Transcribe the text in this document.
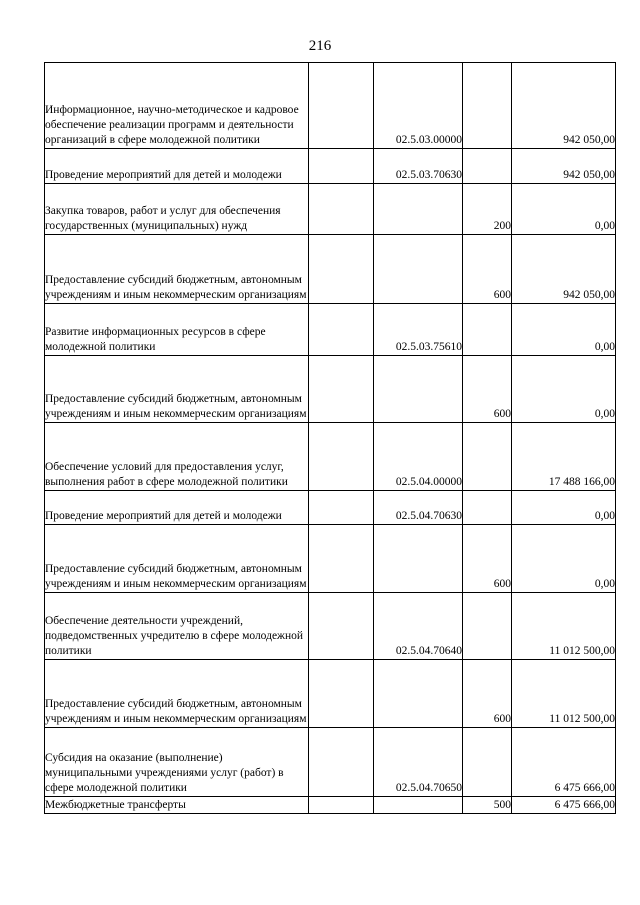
216
Информационное, научно-методическое и кадровое обеспечение реализации программ и деятельности организаций в сфере молодежной политики		02.5.03.00000		942 050,00
Проведение мероприятий для детей и молодежи		02.5.03.70630		942 050,00
Закупка товаров, работ и услуг для обеспечения государственных (муниципальных) нужд			200	0,00
Предоставление субсидий бюджетным, автономным учреждениям и иным некоммерческим организациям			600	942 050,00
Развитие информационных ресурсов в сфере молодежной политики		02.5.03.75610		0,00
Предоставление субсидий бюджетным, автономным учреждениям и иным некоммерческим организациям			600	0,00
Обеспечение условий для предоставления услуг, выполнения работ в сфере молодежной политики		02.5.04.00000		17 488 166,00
Проведение мероприятий для детей и молодежи		02.5.04.70630		0,00
Предоставление субсидий бюджетным, автономным учреждениям и иным некоммерческим организациям			600	0,00
Обеспечение деятельности учреждений, подведомственных учредителю в сфере молодежной политики		02.5.04.70640		11 012 500,00
Предоставление субсидий бюджетным, автономным учреждениям и иным некоммерческим организациям			600	11 012 500,00
Субсидия на оказание (выполнение) муниципальными учреждениями услуг (работ) в сфере молодежной политики		02.5.04.70650		6 475 666,00
Межбюджетные трансферты			500	6 475 666,00
